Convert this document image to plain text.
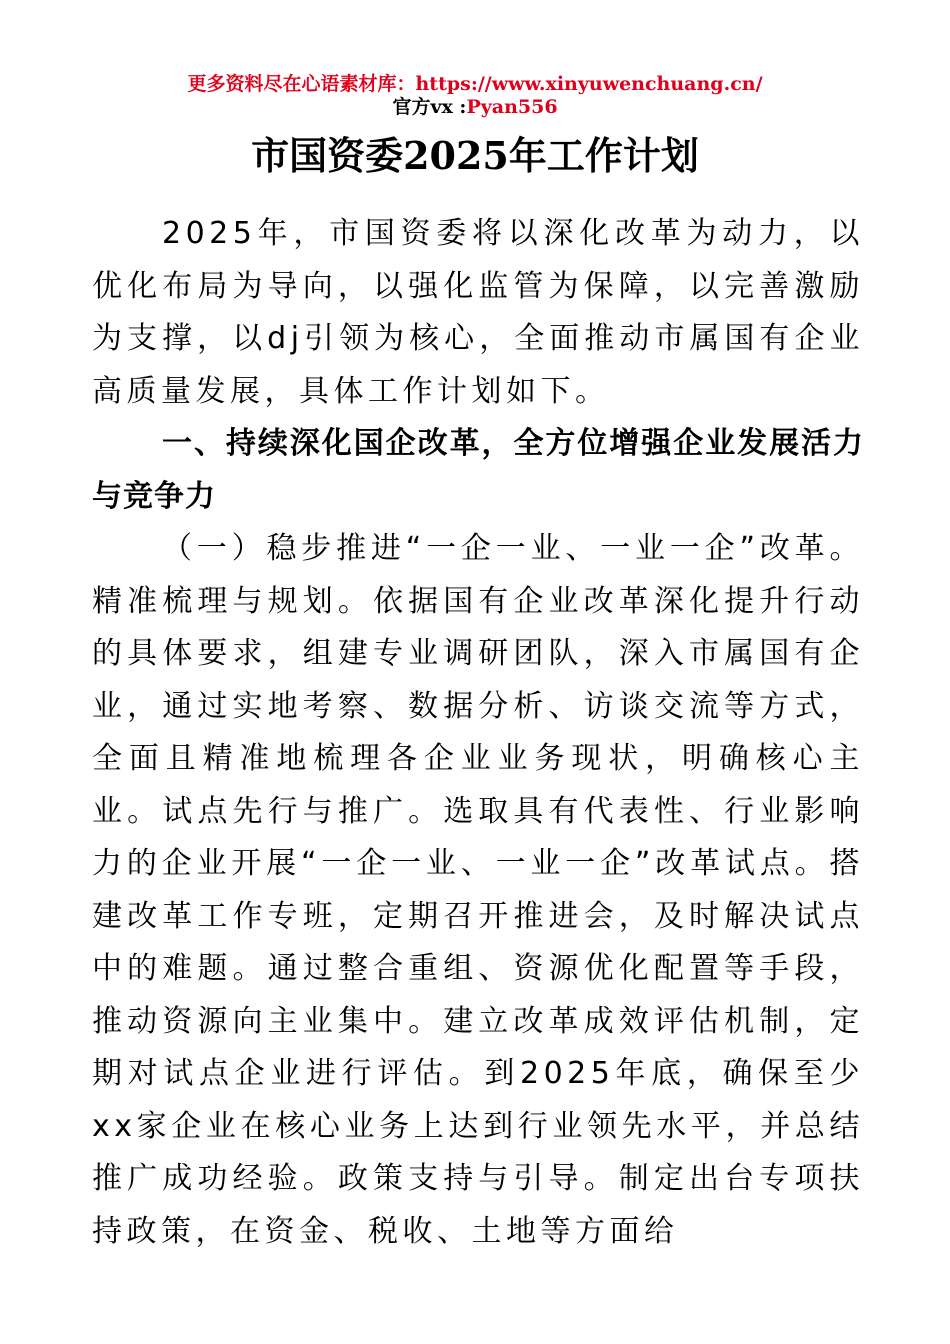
更多资料尽在心语素材库：https://www.xinyuwenchuang.cn/
官方vx :Pyan556
市国资委2025年工作计划

2025年，市国资委将以深化改革为动力，以优化布局为导向，以强化监管为保障，以完善激励为支撑，以dj引领为核心，全面推动市属国有企业高质量发展，具体工作计划如下。

一、持续深化国企改革，全方位增强企业发展活力与竞争力

（一）稳步推进“一企一业、一业一企”改革。精准梳理与规划。依据国有企业改革深化提升行动的具体要求，组建专业调研团队，深入市属国有企业，通过实地考察、数据分析、访谈交流等方式，全面且精准地梳理各企业业务现状，明确核心主业。试点先行与推广。选取具有代表性、行业影响力的企业开展“一企一业、一业一企”改革试点。搭建改革工作专班，定期召开推进会，及时解决试点中的难题。通过整合重组、资源优化配置等手段，推动资源向主业集中。建立改革成效评估机制，定期对试点企业进行评估。到2025年底，确保至少xx家企业在核心业务上达到行业领先水平，并总结推广成功经验。政策支持与引导。制定出台专项扶持政策，在资金、税收、土地等方面给
